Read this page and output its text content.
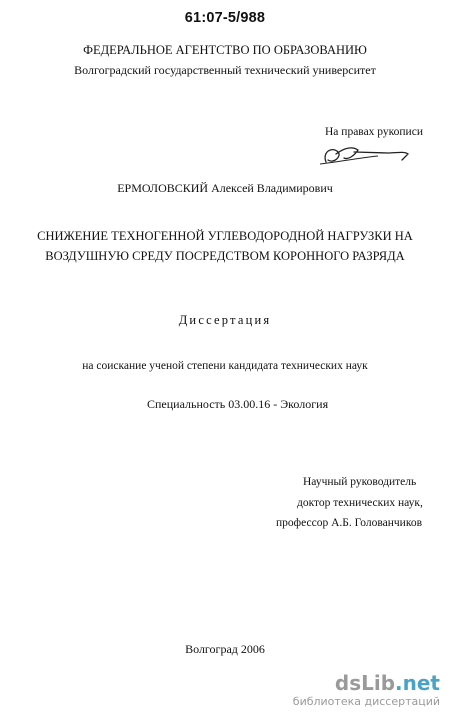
61:07-5/988
ФЕДЕРАЛЬНОЕ АГЕНТСТВО ПО ОБРАЗОВАНИЮ
Волгоградский государственный технический университет
На правах рукописи
ЕРМОЛОВСКИЙ Алексей Владимирович
СНИЖЕНИЕ ТЕХНОГЕННОЙ УГЛЕВОДОРОДНОЙ НАГРУЗКИ НА
ВОЗДУШНУЮ СРЕДУ ПОСРЕДСТВОМ КОРОННОГО РАЗРЯДА
Диссертация
на соискание ученой степени кандидата технических наук
Специальность 03.00.16 - Экология
Научный руководитель
доктор технических наук,
профессор А.Б. Голованчиков
Волгоград 2006
dsLib.net
библиотека диссертаций
